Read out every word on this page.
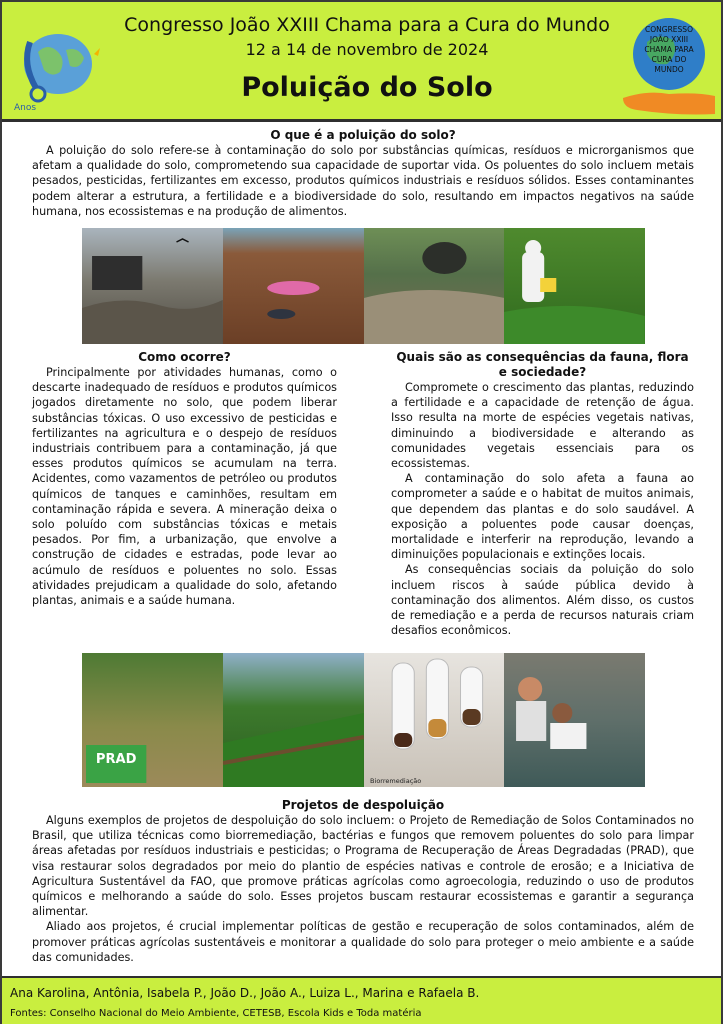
Anos
Congresso João XXIII Chama para a Cura do Mundo
12 a 14 de novembro de 2024
Poluição do Solo
CONGRESSO
JOÃO XXIII
CHAMA PARA
CURA DO
MUNDO
O que é a poluição do solo?

A poluição do solo refere-se à contaminação do solo por substâncias químicas, resíduos e microrganismos que afetam a qualidade do solo, comprometendo sua capacidade de suportar vida. Os poluentes do solo incluem metais pesados, pesticidas, fertilizantes em excesso, produtos químicos industriais e resíduos sólidos. Esses contaminantes podem alterar a estrutura, a fertilidade e a biodiversidade do solo, resultando em impactos negativos na saúde humana, nos ecossistemas e na produção de alimentos.

Como ocorre?

Principalmente por atividades humanas, como o descarte inadequado de resíduos e produtos químicos jogados diretamente no solo, que podem liberar substâncias tóxicas. O uso excessivo de pesticidas e fertilizantes na agricultura e o despejo de resíduos industriais contribuem para a contaminação, já que esses produtos químicos se acumulam na terra. Acidentes, como vazamentos de petróleo ou produtos químicos de tanques e caminhões, resultam em contaminação rápida e severa. A mineração deixa o solo poluído com substâncias tóxicas e metais pesados. Por fim, a urbanização, que envolve a construção de cidades e estradas, pode levar ao acúmulo de resíduos e poluentes no solo. Essas atividades prejudicam a qualidade do solo, afetando plantas, animais e a saúde humana.

Quais são as consequências da fauna, flora e sociedade?

Compromete o crescimento das plantas, reduzindo a fertilidade e a capacidade de retenção de água. Isso resulta na morte de espécies vegetais nativas, diminuindo a biodiversidade e alterando as comunidades vegetais essenciais para os ecossistemas.

A contaminação do solo afeta a fauna ao comprometer a saúde e o habitat de muitos animais, que dependem das plantas e do solo saudável. A exposição a poluentes pode causar doenças, mortalidade e interferir na reprodução, levando a diminuições populacionais e extinções locais.

As consequências sociais da poluição do solo incluem riscos à saúde pública devido à contaminação dos alimentos. Além disso, os custos de remediação e a perda de recursos naturais criam desafios econômicos.

PRAD
Biorremediação
Projetos de despoluição

Alguns exemplos de projetos de despoluição do solo incluem: o Projeto de Remediação de Solos Contaminados no Brasil, que utiliza técnicas como biorremediação, bactérias e fungos que removem poluentes do solo para limpar áreas afetadas por resíduos industriais e pesticidas; o Programa de Recuperação de Áreas Degradadas (PRAD), que visa restaurar solos degradados por meio do plantio de espécies nativas e controle de erosão; e a Iniciativa de Agricultura Sustentável da FAO, que promove práticas agrícolas como agroecologia, reduzindo o uso de produtos químicos e melhorando a saúde do solo. Esses projetos buscam restaurar ecossistemas e garantir a segurança alimentar.

Aliado aos projetos, é crucial implementar políticas de gestão e recuperação de solos contaminados, além de promover práticas agrícolas sustentáveis e monitorar a qualidade do solo para proteger o meio ambiente e a saúde das comunidades.

Ana Karolina, Antônia, Isabela P., João D., João A., Luiza L., Marina e Rafaela B.
Fontes: Conselho Nacional do Meio Ambiente, CETESB, Escola Kids e Toda matéria
